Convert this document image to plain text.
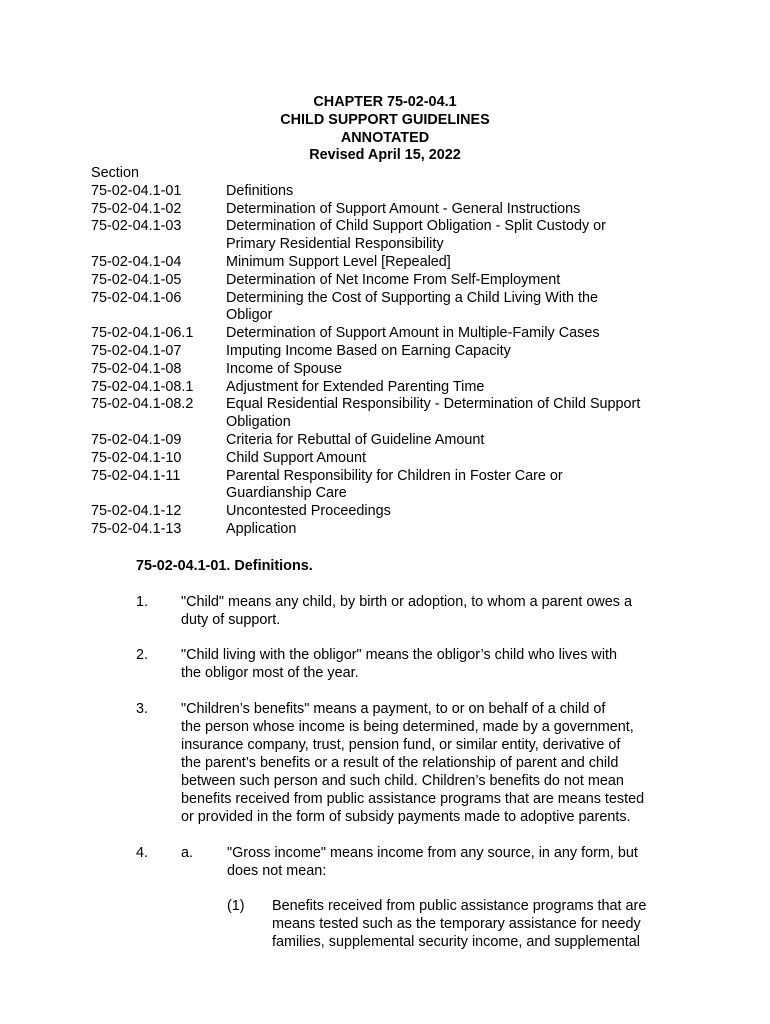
CHAPTER 75-02-04.1
CHILD SUPPORT GUIDELINES
ANNOTATED
Revised April 15, 2022
Section
75-02-04.1-01	Definitions
75-02-04.1-02	Determination of Support Amount - General Instructions
75-02-04.1-03	Determination of Child Support Obligation - Split Custody or
Primary Residential Responsibility
75-02-04.1-04	Minimum Support Level [Repealed]
75-02-04.1-05	Determination of Net Income From Self-Employment
75-02-04.1-06	Determining the Cost of Supporting a Child Living With the
Obligor
75-02-04.1-06.1	Determination of Support Amount in Multiple-Family Cases
75-02-04.1-07	Imputing Income Based on Earning Capacity
75-02-04.1-08	Income of Spouse
75-02-04.1-08.1	Adjustment for Extended Parenting Time
75-02-04.1-08.2	Equal Residential Responsibility - Determination of Child Support
Obligation
75-02-04.1-09	Criteria for Rebuttal of Guideline Amount
75-02-04.1-10	Child Support Amount
75-02-04.1-11	Parental Responsibility for Children in Foster Care or
Guardianship Care
75-02-04.1-12	Uncontested Proceedings
75-02-04.1-13	Application
75-02-04.1-01. Definitions.
1.	"Child" means any child, by birth or adoption, to whom a parent owes a
duty of support.
2.	"Child living with the obligor" means the obligor’s child who lives with
the obligor most of the year.
3.	"Children’s benefits" means a payment, to or on behalf of a child of
the person whose income is being determined, made by a government,
insurance company, trust, pension fund, or similar entity, derivative of
the parent’s benefits or a result of the relationship of parent and child
between such person and such child. Children’s benefits do not mean
benefits received from public assistance programs that are means tested
or provided in the form of subsidy payments made to adoptive parents.
4.	a.	"Gross income" means income from any source, in any form, but
does not mean:
(1)	Benefits received from public assistance programs that are
means tested such as the temporary assistance for needy
families, supplemental security income, and supplemental
